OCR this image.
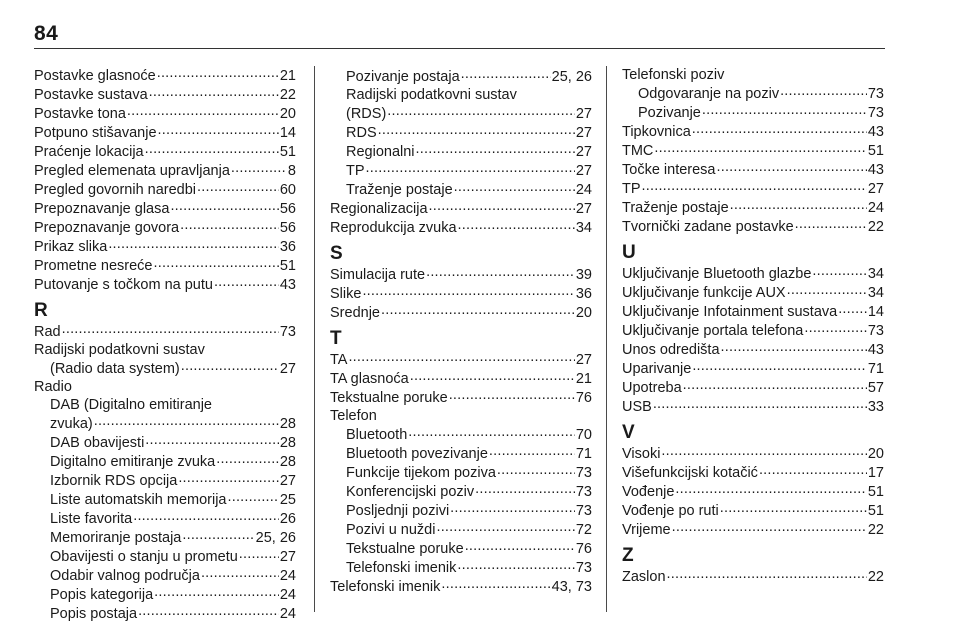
84
Postavke glasnoće .....	21
Postavke sustava .....	22
Postavke tona .....	20
Potpuno stišavanje .....	14
Praćenje lokacija .....	51
Pregled elemenata upravljanja .....	8
Pregled govornih naredbi .....	60
Prepoznavanje glasa .....	56
Prepoznavanje govora .....	56
Prikaz slika .....	36
Prometne nesreće .....	51
Putovanje s točkom na putu .....	43
R
Rad .....	73
Radijski podatkovni sustav
(Radio data system) .....	27
Radio
DAB (Digitalno emitiranje
zvuka) .....	28
DAB obavijesti .....	28
Digitalno emitiranje zvuka .....	28
Izbornik RDS opcija .....	27
Liste automatskih memorija .....	25
Liste favorita .....	26
Memoriranje postaja .....	25, 26
Obavijesti o stanju u prometu .....	27
Odabir valnog područja .....	24
Popis kategorija .....	24
Popis postaja .....	24
Pozivanje postaja .....	25, 26
Radijski podatkovni sustav
(RDS) .....	27
RDS .....	27
Regionalni .....	27
TP .....	27
Traženje postaje .....	24
Regionalizacija .....	27
Reprodukcija zvuka .....	34
S
Simulacija rute .....	39
Slike .....	36
Srednje .....	20
T
TA .....	27
TA glasnoća .....	21
Tekstualne poruke .....	76
Telefon
Bluetooth .....	70
Bluetooth povezivanje .....	71
Funkcije tijekom poziva .....	73
Konferencijski poziv .....	73
Posljednji pozivi .....	73
Pozivi u nuždi .....	72
Tekstualne poruke .....	76
Telefonski imenik .....	73
Telefonski imenik .....	43, 73
Telefonski poziv
Odgovaranje na poziv .....	73
Pozivanje .....	73
Tipkovnica .....	43
TMC .....	51
Točke interesa .....	43
TP .....	27
Traženje postaje .....	24
Tvornički zadane postavke .....	22
U
Uključivanje Bluetooth glazbe .....	34
Uključivanje funkcije AUX .....	34
Uključivanje Infotainment sustava ..... 14
Uključivanje portala telefona .....	73
Unos odredišta .....	43
Uparivanje .....	71
Upotreba .....	57
USB .....	33
V
Visoki .....	20
Višefunkcijski kotačić .....	17
Vođenje .....	51
Vođenje po ruti .....	51
Vrijeme .....	22
Z
Zaslon .....	22
